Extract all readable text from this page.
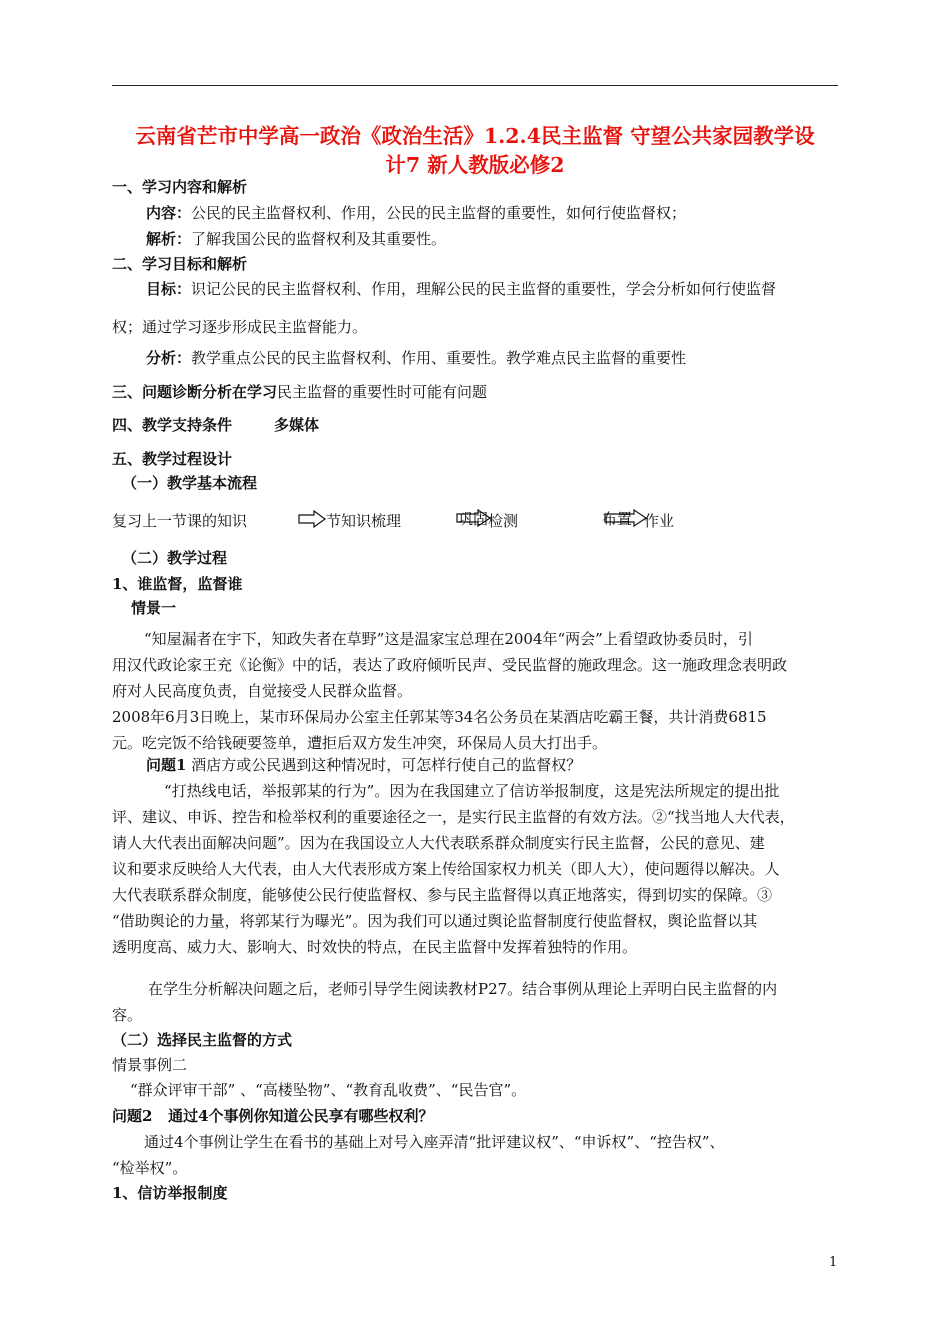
云南省芒市中学高一政治《政治生活》1.2.4民主监督 守望公共家园教学设
计7 新人教版必修2
一、学习内容和解析
内容：公民的民主监督权利、作用，公民的民主监督的重要性，如何行使监督权；
解析：了解我国公民的监督权利及其重要性。
二、学习目标和解析
目标：识记公民的民主监督权利、作用，理解公民的民主监督的重要性，学会分析如何行使监督
权；通过学习逐步形成民主监督能力。
分析：教学重点公民的民主监督权利、作用、重要性。教学难点民主监督的重要性
三、问题诊断分析在学习民主监督的重要性时可能有问题
四、教学支持条件	多媒体
五、教学过程设计
（一）教学基本流程
复习上一节课的知识	节知识梳理	巩固 检测	布置 作业
（二）教学过程
1、谁监督，监督谁
情景一
“知屋漏者在宇下，知政失者在草野”这是温家宝总理在2004年“两会”上看望政协委员时，引
用汉代政论家王充《论衡》中的话，表达了政府倾听民声、受民监督的施政理念。这一施政理念表明政
府对人民高度负责，自觉接受人民群众监督。
2008年6月3日晚上，某市环保局办公室主任郭某等34名公务员在某酒店吃霸王餐，共计消费6815
元。吃完饭不给钱硬要签单，遭拒后双方发生冲突，环保局人员大打出手。
问题1 酒店方或公民遇到这种情况时，可怎样行使自己的监督权？
“打热线电话，举报郭某的行为”。因为在我国建立了信访举报制度，这是宪法所规定的提出批
评、建议、申诉、控告和检举权利的重要途径之一，是实行民主监督的有效方法。②“找当地人大代表，
请人大代表出面解决问题”。因为在我国设立人大代表联系群众制度实行民主监督，公民的意见、建
议和要求反映给人大代表，由人大代表形成方案上传给国家权力机关（即人大），使问题得以解决。人
大代表联系群众制度，能够使公民行使监督权、参与民主监督得以真正地落实，得到切实的保障。③
“借助舆论的力量，将郭某行为曝光”。因为我们可以通过舆论监督制度行使监督权，舆论监督以其
透明度高、威力大、影响大、时效快的特点，在民主监督中发挥着独特的作用。
在学生分析解决问题之后，老师引导学生阅读教材P27。结合事例从理论上弄明白民主监督的内
容。
（二）选择民主监督的方式
情景事例二
“群众评审干部” 、“高楼坠物”、“教育乱收费”、“民告官”。
问题2 通过4个事例你知道公民享有哪些权利？
通过4个事例让学生在看书的基础上对号入座弄清“批评建议权”、“申诉权”、“控告权”、
“检举权”。
1、信访举报制度
1
